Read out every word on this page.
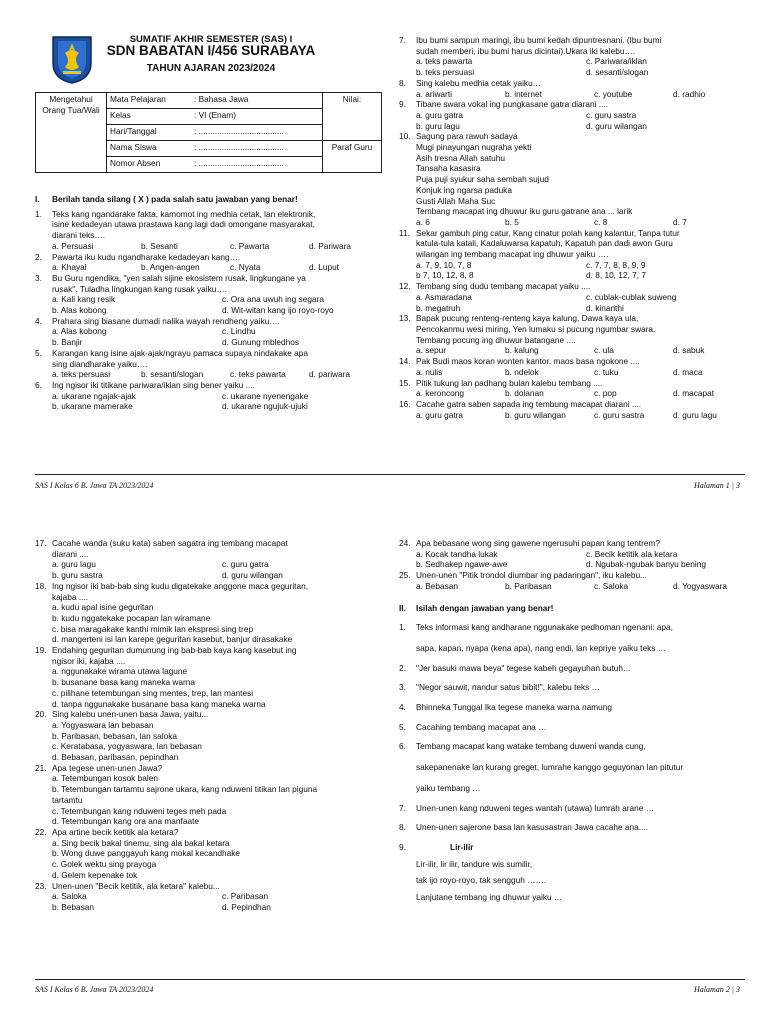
SUMATIF AKHIR SEMESTER (SAS) I
SDN BABATAN I/456 SURABAYA
TAHUN AJARAN 2023/2024
Mengetahui Orang Tua/Wali	Mata Pelajaran	: Bahasa Jawa	Nilai:
	Kelas	: VI (Enam)	
	Hari/Tanggal	: .....................................	
	Nama Siswa	: .....................................	Paraf Guru
	Nomor Absen	: .....................................	
I.	Berilah tanda silang ( X ) pada salah satu jawaban yang benar!
1.	Teks kang ngandarake fakta, kamomot ing medhia cetak, lan elektronik,
isine kedadeyan utawa prastawa kang lagi dadi omongane masyarakat,
diarani teks….
a. Persuasi	b. Sesanti	c. Pawarta	d. Pariwara
2.	Pawarta iku kudu ngandharake kedadeyan kang….
a. Khayal	b. Angen-angen	c. Nyata	d. Luput
3.	Bu Guru ngendika, "yen salah sijine ekosistem rusak, lingkungane ya
rusak". Tuladha lingkungan kang rusak yaiku….
a. Kali kang resik	c. Ora ana uwuh ing segara
b. Alas kobong	d. Wit-witan kang ijo royo-royo
4.	Prahara sing biasane dumadi nalika wayah rendheng yaiku….
a. Alas kobong	c. Lindhu
b. Banjir	d. Gunung mbledhos
5.	Karangan kang isine ajak-ajak/ngrayu pamaca supaya nindakake apa
sing diandharake yaiku….
a. teks persuasi	b. sesanti/slogan	c. teks pawarta	d. pariwara
6.	Ing ngisor iki titikane pariwara/iklan sing bener yaiku ....
a. ukarane ngajak-ajak	c. ukarane nyenengake
b. ukarane mamerake	d. ukarane ngujuk-ujuki
7.	Ibu bumi sampun maringi, ibu bumi kedah dipuntresnani. (Ibu bumi
sudah memberi, ibu bumi harus dicintai).Ukara iki kalebu….
a. teks pawarta	c. Pariwara/iklan
b. teks persuasi	d. sesanti/slogan
8.	Sing kalebu medhia cetak yaiku…
a. ariwarti	b. internet	c. youtube	d. radhio
9.	Tibane swara vokal ing pungkasane gatra diarani ....
a. guru gatra	c. guru sastra
b. guru lagu	d. guru wilangan
10. Sagung para rawuh sadaya
Mugi pinayungan nugraha yekti
Asih tresna Allah satuhu
Tansaha kasasira
Puja puji syukur saha sembah sujud
Konjuk ing ngarsa paduka
Gusti Allah Maha Suc
Tembang macapat ing dhuwur iku guru gatrane ana ... larik
a. 6	b. 5	c. 8	d. 7
11. Sekar gambuh ping catur, Kang cinatur polah kang kalantur, Tanpa tutur
katula-tula katali, Kadaluwarsa kapatuh, Kapatuh pan dadi awon Guru
wilangan ing tembang macapat ing dhuwur yaiku ….
a. 7, 9, 10, 7, 8	c. 7, 7, 8, 8, 9, 9
b 7, 10, 12, 8, 8	d. 8, 10, 12, 7, 7
12. Tembang sing dudu tembang macapat yaiku ....
a. Asmaradana	c. cublak-cublak suweng
b. megatruh	d. kinanthi
13. Bapak pucung renteng-renteng kaya kalung, Dawa kaya ula,
Pencokanmu wesi miring, Yen lumaku si pucung ngumbar swara.
Tembang pocung ing dhuwur batangane ....
a. sepur	b. kalung	c. ula	d. sabuk
14. Pak Budi maos koran wonten kantor. maos basa ngokone ....
a. nulis	b. ndelok	c. tuku	d. maca
15. Pitik tukung lan padhang bulan kalebu tembang ....
a. keroncong	b. dolanan	c. pop	d. macapat
16. Cacahe gatra saben sapada ing tembung macapat diarani ....
a. guru gatra	b. guru wilangan	c. guru sastra	d. guru lagu
SAS I Kelas 6 B. Jawa TA 2023/2024	Halaman 1 | 3
17. Cacahe wanda (suku kata) saben sagatra ing tembang macapat
diarani ....
a. guru lagu	c. guru gatra
b. guru sastra	d. guru wilangan
18. Ing ngisor iki bab-bab sing kudu digatekake anggone maca geguritan,
kajaba ....
a. kudu apal isine geguritan
b. kudu nggatekake pocapan lan wiramane
c. bisa maragakake kanthi mimik lan ekspresi sing trep
d. mangerteni isi lan karepe geguritan kasebut, banjur dirasakake
19. Endahing geguritan dumunung ing bab-bab kaya kang kasebut ing
ngisor iki, kajaba ....
a. nggunakake wirama utawa lagune
b. busanane basa kang maneka warna
c. pilihane tetembungan sing mentes, trep, lan mantesi
d. tanpa nggunakake busanane basa kang maneka warna
20. Sing kalebu unen-unen basa Jawa, yaitu...
a. Yogyaswara lan bebasan
b. Paribasan, bebasan, lan saloka
c. Keratabasa, yogyaswara, lan bebasan
d. Bebasan, paribasan, pepindhan
21. Apa tegese unen-unen Jawa?
a. Tetembungan kosok balen
b. Tetembungan tartamtu sajrone ukara, kang nduweni titikan lan piguna
tartamtu
c. Tetembungan kang nduweni teges meh pada
d. Tetembungan kang ora ana manfaate
22. Apa artine becik ketitik ala ketara?
a. Sing becik bakal tinemu, sing ala bakal ketara
b. Wong duwe panggayuh kang mokal kecandhake
c. Golek wektu sing prayoga
d. Gelem kepenake tok
23. Unen-unen "Becik ketitik, ala ketara" kalebu...
a. Saloka	c. Paribasan
b. Bebasan	d. Pepindhan
24. Apa bebasane wong sing gawene ngerusuhi papan kang tentrem?
a. Kocak tandha lukak	c. Becik ketitik ala ketara
b. Sedhakep ngawe-awe	d. Ngubak-ngubak banyu bening
25. Unen-unen "Pitik trondol diumbar ing padaringan", iku kalebu...
a. Bebasan	b. Paribasan	c. Saloka	d. Yogyaswara
II.	Isilah dengan jawaban yang benar!
1.	Teks informasi kang andharane nggunakake pedhoman ngenani: apa,
sapa, kapan, nyapa (kena apa), nang endi, lan kepriye yaiku teks …
2.	"Jer basuki mawa beya" tegese kabeh gegayuhan butuh…
3.	"Negor sauwit, nandur satus bibit!", kalebu teks …
4.	Bhinneka Tunggal Ika tegese maneka warna namung
5.	Cacahing tembang macapat ana …
6.	Tembang macapat kang watake tembang duweni wanda cung,
sakepanenake lan kurang greget, lumrahe kanggo geguyonan lan pitutur
yaiku tembang …
7.	Unen-unen kang nduweni teges wantah (utawa) lumrah arane …
8.	Unen-unen sajerone basa lan kasusastran Jawa cacahe ana....
9.	Lir-ilir
Lir-ilir, lir ilir, tandure wis sumilir,
tak ijo royo-royo, tak sengguh …….
Lanjutane tembang ing dhuwur yaiku …
SAS I Kelas 6 B. Jawa TA 2023/2024	Halaman 2 | 3
